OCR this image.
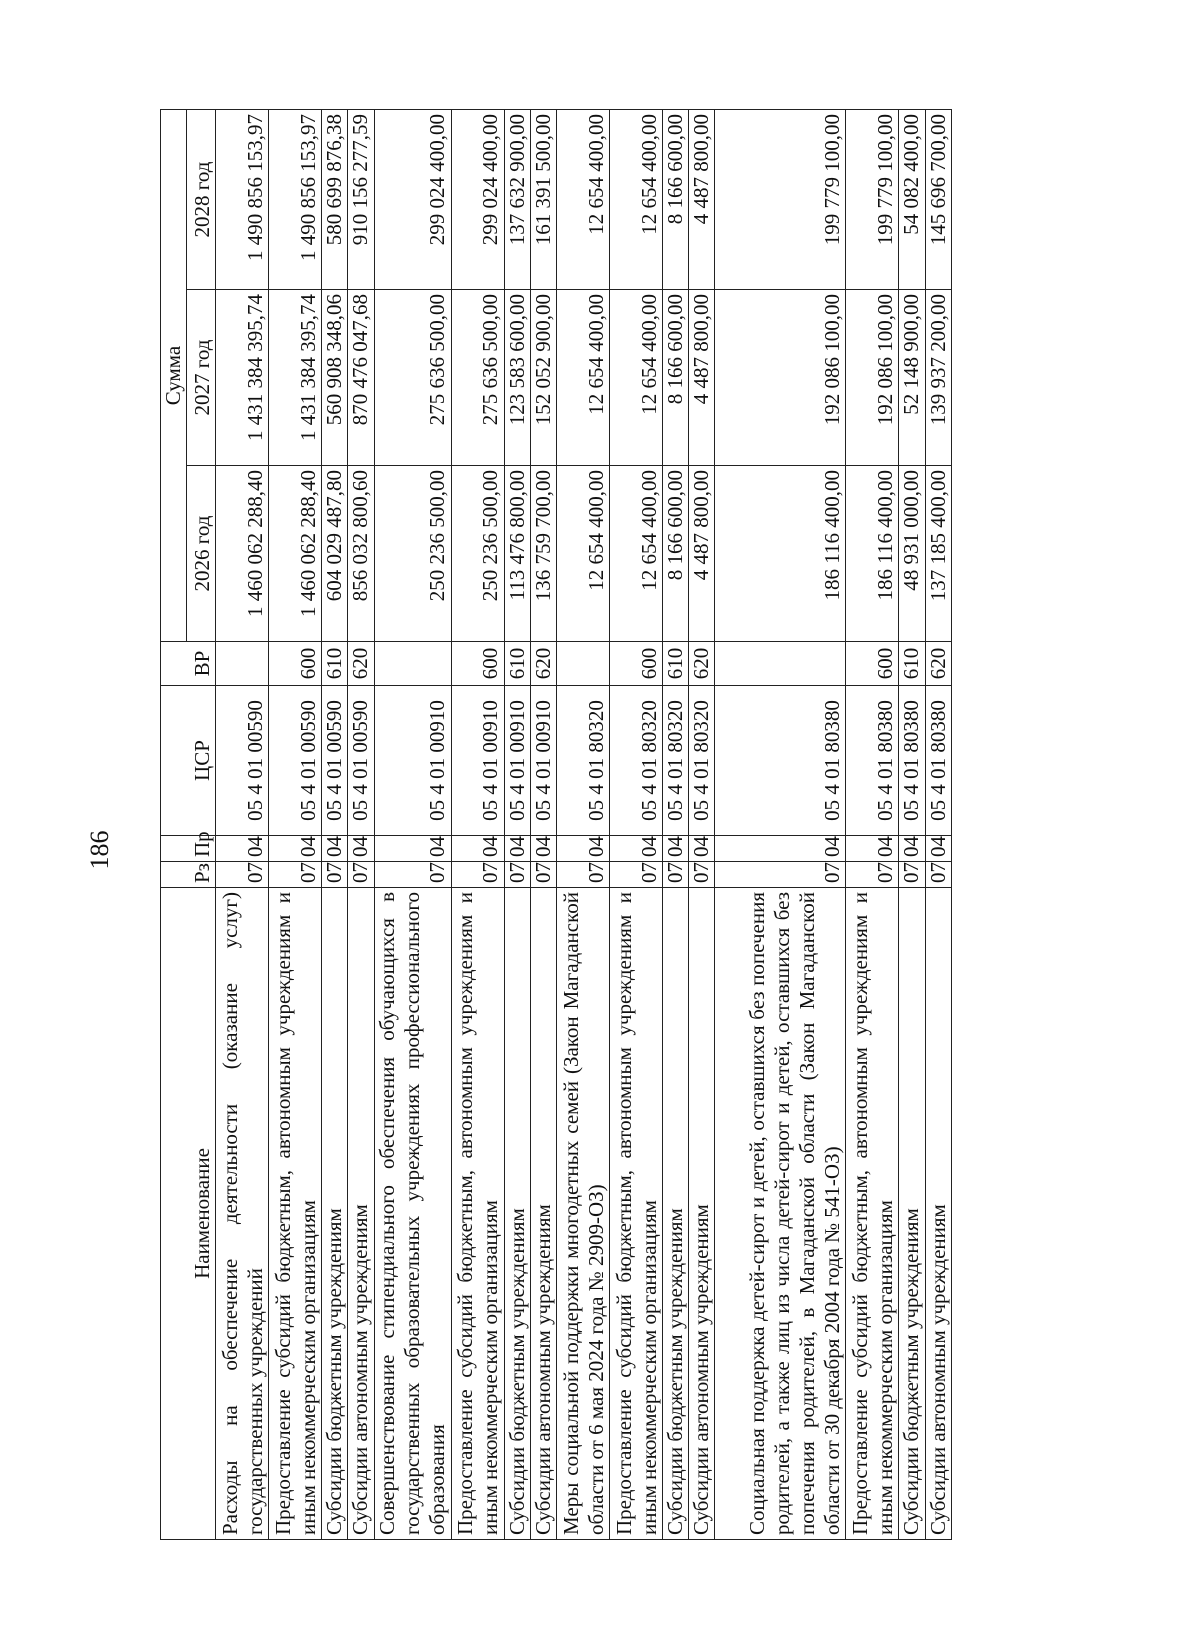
186
Наименование	Рз	Пр	ЦСР	ВР	Сумма		
					2026 год	2027 год	2028 год
Расходы на обеспечение деятельности (оказание услуг) государственных учреждений	07	04	05 4 01 00590		1 460 062 288,40	1 431 384 395,74	1 490 856 153,97
Предоставление субсидий бюджетным, автономным учреждениям и иным некоммерческим организациям	07	04	05 4 01 00590	600	1 460 062 288,40	1 431 384 395,74	1 490 856 153,97
Субсидии бюджетным учреждениям	07	04	05 4 01 00590	610	604 029 487,80	560 908 348,06	580 699 876,38
Субсидии автономным учреждениям	07	04	05 4 01 00590	620	856 032 800,60	870 476 047,68	910 156 277,59
Совершенствование стипендиального обеспечения обучающихся в государственных образовательных учреждениях профессионального образования	07	04	05 4 01 00910		250 236 500,00	275 636 500,00	299 024 400,00
Предоставление субсидий бюджетным, автономным учреждениям и иным некоммерческим организациям	07	04	05 4 01 00910	600	250 236 500,00	275 636 500,00	299 024 400,00
Субсидии бюджетным учреждениям	07	04	05 4 01 00910	610	113 476 800,00	123 583 600,00	137 632 900,00
Субсидии автономным учреждениям	07	04	05 4 01 00910	620	136 759 700,00	152 052 900,00	161 391 500,00
Меры социальной поддержки многодетных семей (Закон Магаданской области от 6 мая 2024 года № 2909-ОЗ)	07	04	05 4 01 80320		12 654 400,00	12 654 400,00	12 654 400,00
Предоставление субсидий бюджетным, автономным учреждениям и иным некоммерческим организациям	07	04	05 4 01 80320	600	12 654 400,00	12 654 400,00	12 654 400,00
Субсидии бюджетным учреждениям	07	04	05 4 01 80320	610	8 166 600,00	8 166 600,00	8 166 600,00
Субсидии автономным учреждениям	07	04	05 4 01 80320	620	4 487 800,00	4 487 800,00	4 487 800,00
Социальная поддержка детей-сирот и детей, оставшихся без попечения родителей, а также лиц из числа детей-сирот и детей, оставшихся без попечения родителей, в Магаданской области (Закон Магаданской области от 30 декабря 2004 года № 541-ОЗ)	07	04	05 4 01 80380		186 116 400,00	192 086 100,00	199 779 100,00
Предоставление субсидий бюджетным, автономным учреждениям и иным некоммерческим организациям	07	04	05 4 01 80380	600	186 116 400,00	192 086 100,00	199 779 100,00
Субсидии бюджетным учреждениям	07	04	05 4 01 80380	610	48 931 000,00	52 148 900,00	54 082 400,00
Субсидии автономным учреждениям	07	04	05 4 01 80380	620	137 185 400,00	139 937 200,00	145 696 700,00
